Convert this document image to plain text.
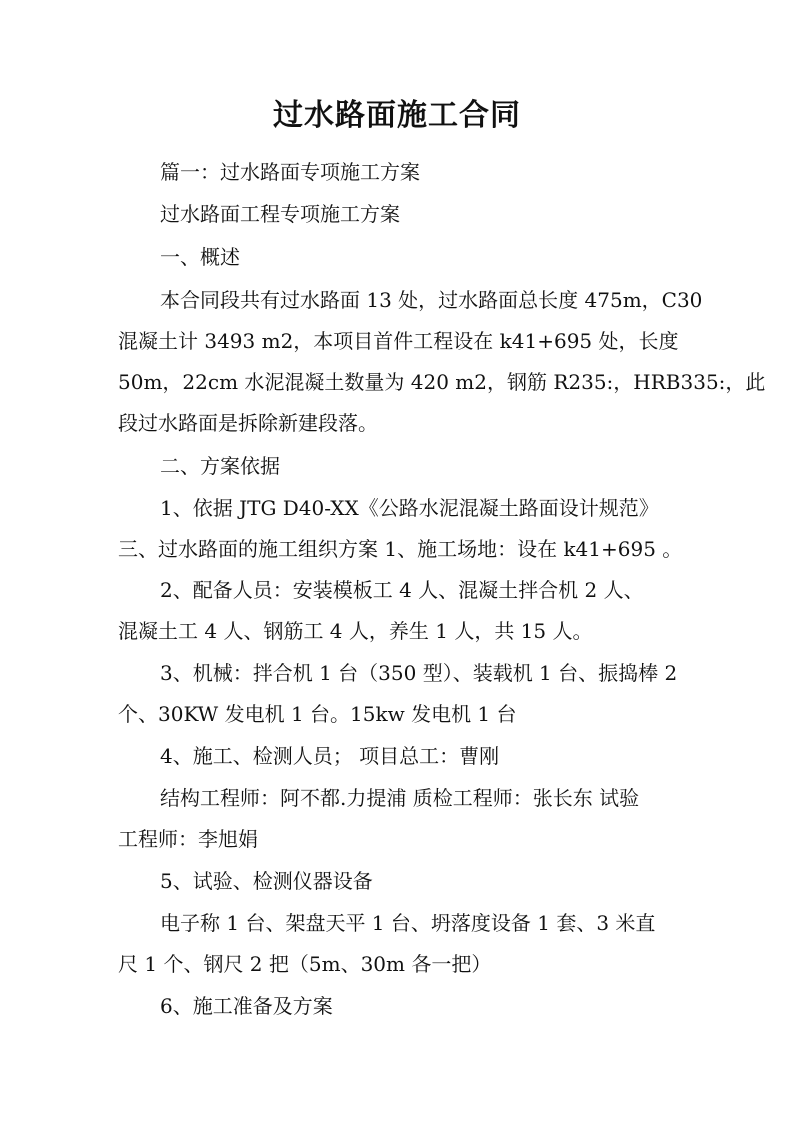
过水路面施工合同
篇一：过水路面专项施工方案
过水路面工程专项施工方案
一、概述
本合同段共有过水路面 13 处，过水路面总长度 475m，C30
混凝土计 3493 m2，本项目首件工程设在 k41+695 处，长度
50m，22cm 水泥混凝土数量为 420 m2，钢筋 R235:，HRB335:，此
段过水路面是拆除新建段落。
二、方案依据
1、依据 JTG D40-XX《公路水泥混凝土路面设计规范》
三、过水路面的施工组织方案 1、施工场地：设在 k41+695 。
2、配备人员：安装模板工 4 人、混凝土拌合机 2 人、
混凝土工 4 人、钢筋工 4 人，养生 1 人，共 15 人。
3、机械：拌合机 1 台（350 型）、装载机 1 台、振捣棒 2
个、30KW 发电机 1 台。15kw 发电机 1 台
4、施工、检测人员； 项目总工：曹刚
结构工程师：阿不都.力提浦 质检工程师：张长东 试验
工程师：李旭娟
5、试验、检测仪器设备
电子称 1 台、架盘天平 1 台、坍落度设备 1 套、3 米直
尺 1 个、钢尺 2 把（5m、30m 各一把）
6、施工准备及方案
